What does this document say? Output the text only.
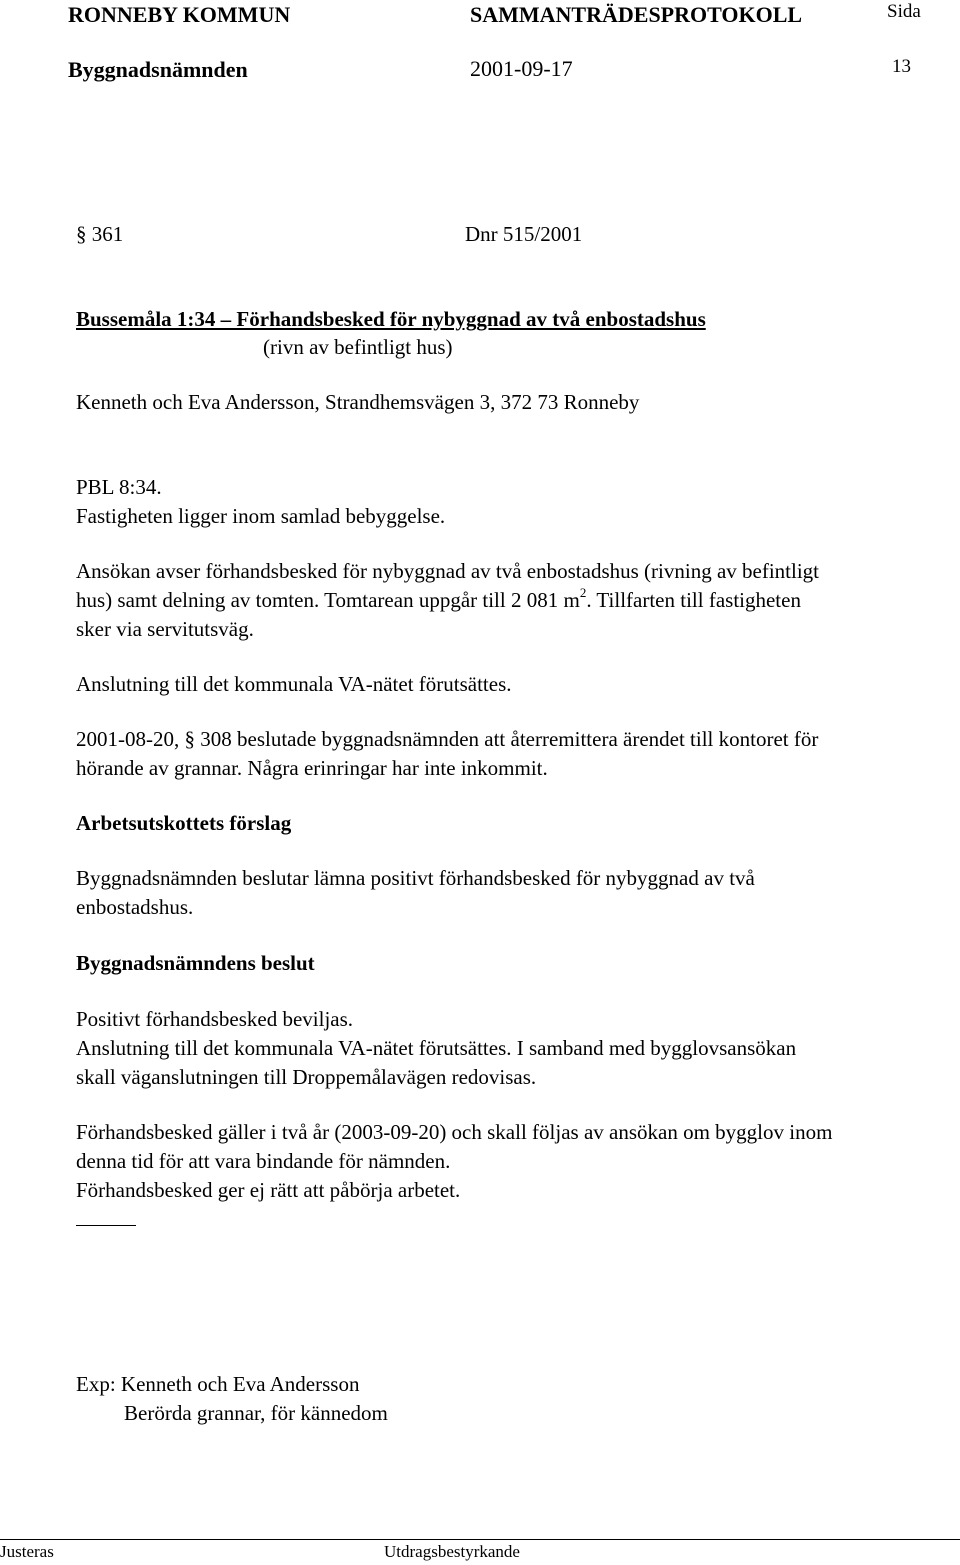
RONNEBY KOMMUN	SAMMANTRÄDESPROTOKOLL	Sida
Byggnadsnämnden	2001-09-17	13
§ 361	Dnr 515/2001
Bussemåla 1:34 – Förhandsbesked för nybyggnad av två enbostadshus
(rivn av befintligt hus)
Kenneth och Eva Andersson, Strandhemsvägen 3, 372 73 Ronneby
PBL 8:34.
Fastigheten ligger inom samlad bebyggelse.
Ansökan avser förhandsbesked för nybyggnad av två enbostadshus (rivning av befintligt
hus) samt delning av tomten. Tomtarean uppgår till 2 081 $m^2$. Tillfarten till fastigheten
sker via servitutsväg.
Anslutning till det kommunala VA-nätet förutsättes.
2001-08-20, § 308 beslutade byggnadsnämnden att återremittera ärendet till kontoret för
hörande av grannar. Några erinringar har inte inkommit.
Arbetsutskottets förslag
Byggnadsnämnden beslutar lämna positivt förhandsbesked för nybyggnad av två
enbostadshus.
Byggnadsnämndens beslut
Positivt förhandsbesked beviljas.
Anslutning till det kommunala VA-nätet förutsättes. I samband med bygglovsansökan
skall väganslutningen till Droppemålavägen redovisas.
Förhandsbesked gäller i två år (2003-09-20) och skall följas av ansökan om bygglov inom
denna tid för att vara bindande för nämnden.
Förhandsbesked ger ej rätt att påbörja arbetet.
Exp: Kenneth och Eva Andersson
Berörda grannar, för kännedom
Justeras	Utdragsbestyrkande
